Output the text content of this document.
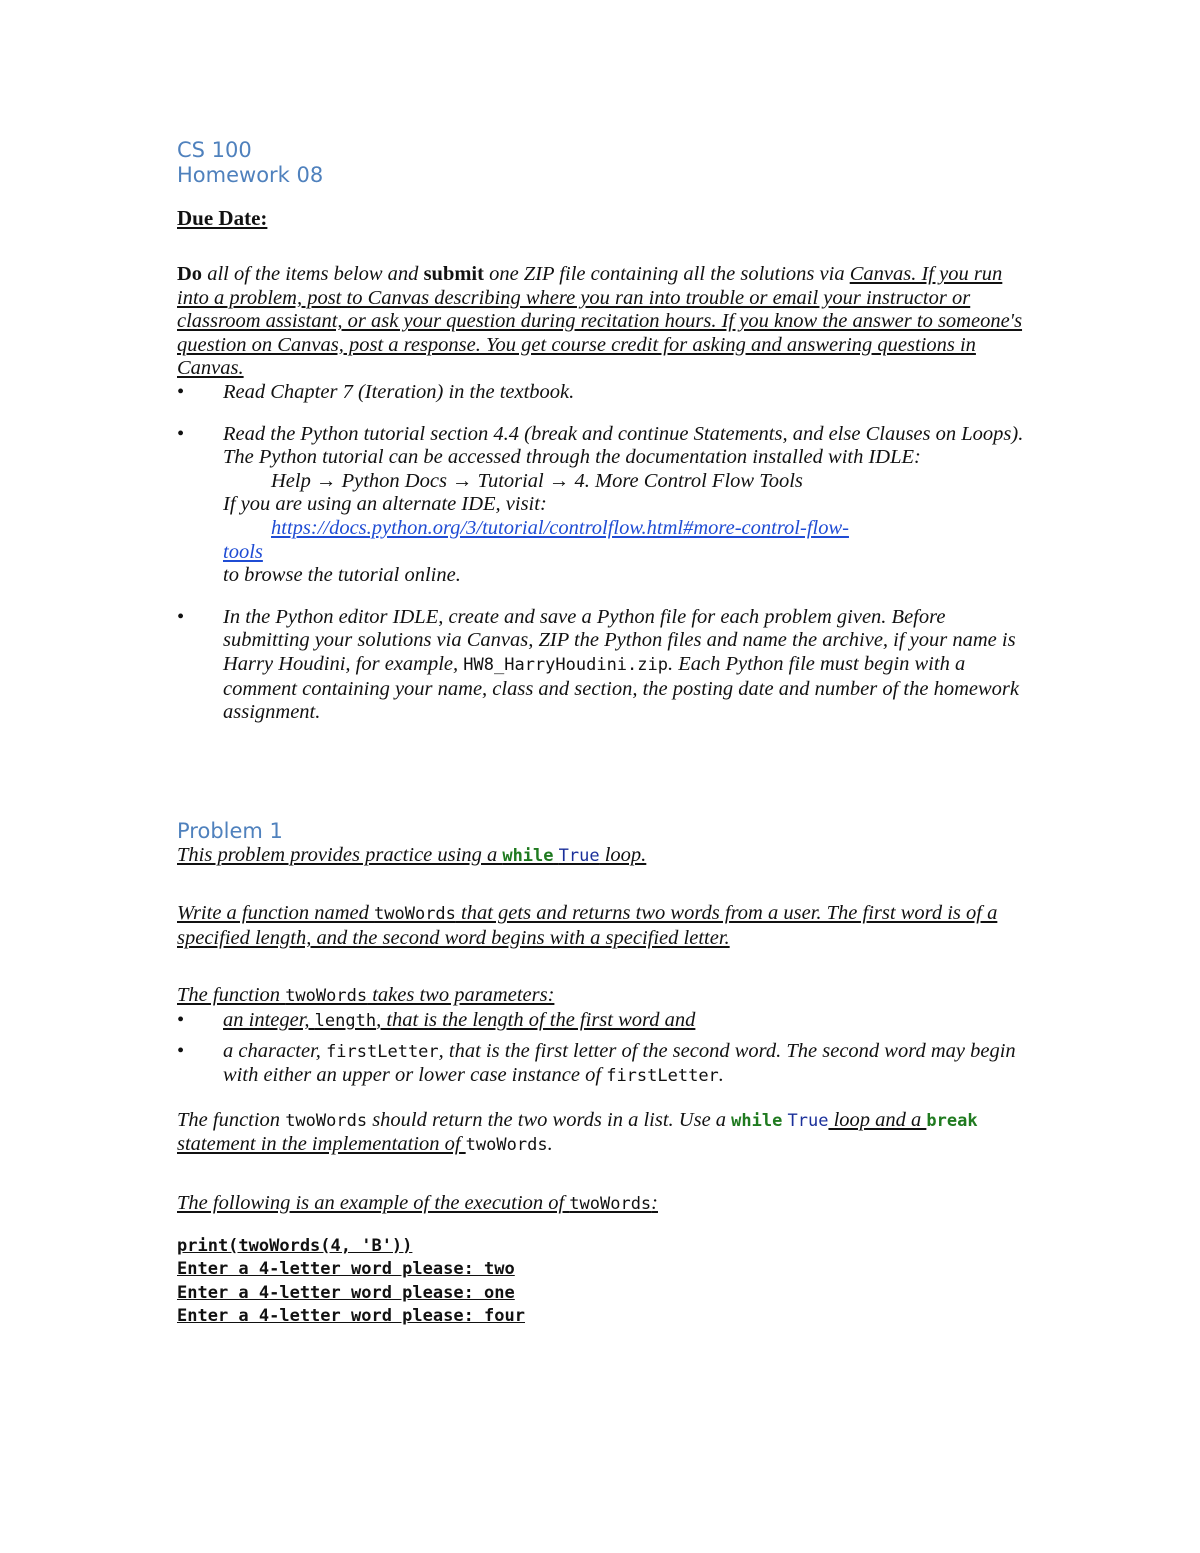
CS 100
Homework 08
Due Date:
Do all of the items below and submit one ZIP file containing all the solutions via Canvas. If you run into a problem, post to Canvas describing where you ran into trouble or email your instructor or classroom assistant, or ask your question during recitation hours. If you know the answer to someone's question on Canvas, post a response. You get course credit for asking and answering questions in Canvas.
• Read Chapter 7 (Iteration) in the textbook.
• Read the Python tutorial section 4.4 (break and continue Statements, and else Clauses on Loops). The Python tutorial can be accessed through the documentation installed with IDLE:
Help → Python Docs → Tutorial → 4. More Control Flow Tools
If you are using an alternate IDE, visit:
https://docs.python.org/3/tutorial/controlflow.html#more-control-flow-
tools
to browse the tutorial online.
• In the Python editor IDLE, create and save a Python file for each problem given. Before submitting your solutions via Canvas, ZIP the Python files and name the archive, if your name is Harry Houdini, for example, HW8_HarryHoudini.zip. Each Python file must begin with a comment containing your name, class and section, the posting date and number of the homework assignment.
Problem 1
This problem provides practice using a while True loop.
Write a function named twoWords that gets and returns two words from a user. The first word is of a specified length, and the second word begins with a specified letter.
The function twoWords takes two parameters:
• an integer, length, that is the length of the first word and
• a character, firstLetter, that is the first letter of the second word. The second word may begin with either an upper or lower case instance of firstLetter.
The function twoWords should return the two words in a list. Use a while True loop and a break statement in the implementation of twoWords.
The following is an example of the execution of twoWords:
print(twoWords(4, 'B'))
Enter a 4-letter word please: two
Enter a 4-letter word please: one
Enter a 4-letter word please: four
